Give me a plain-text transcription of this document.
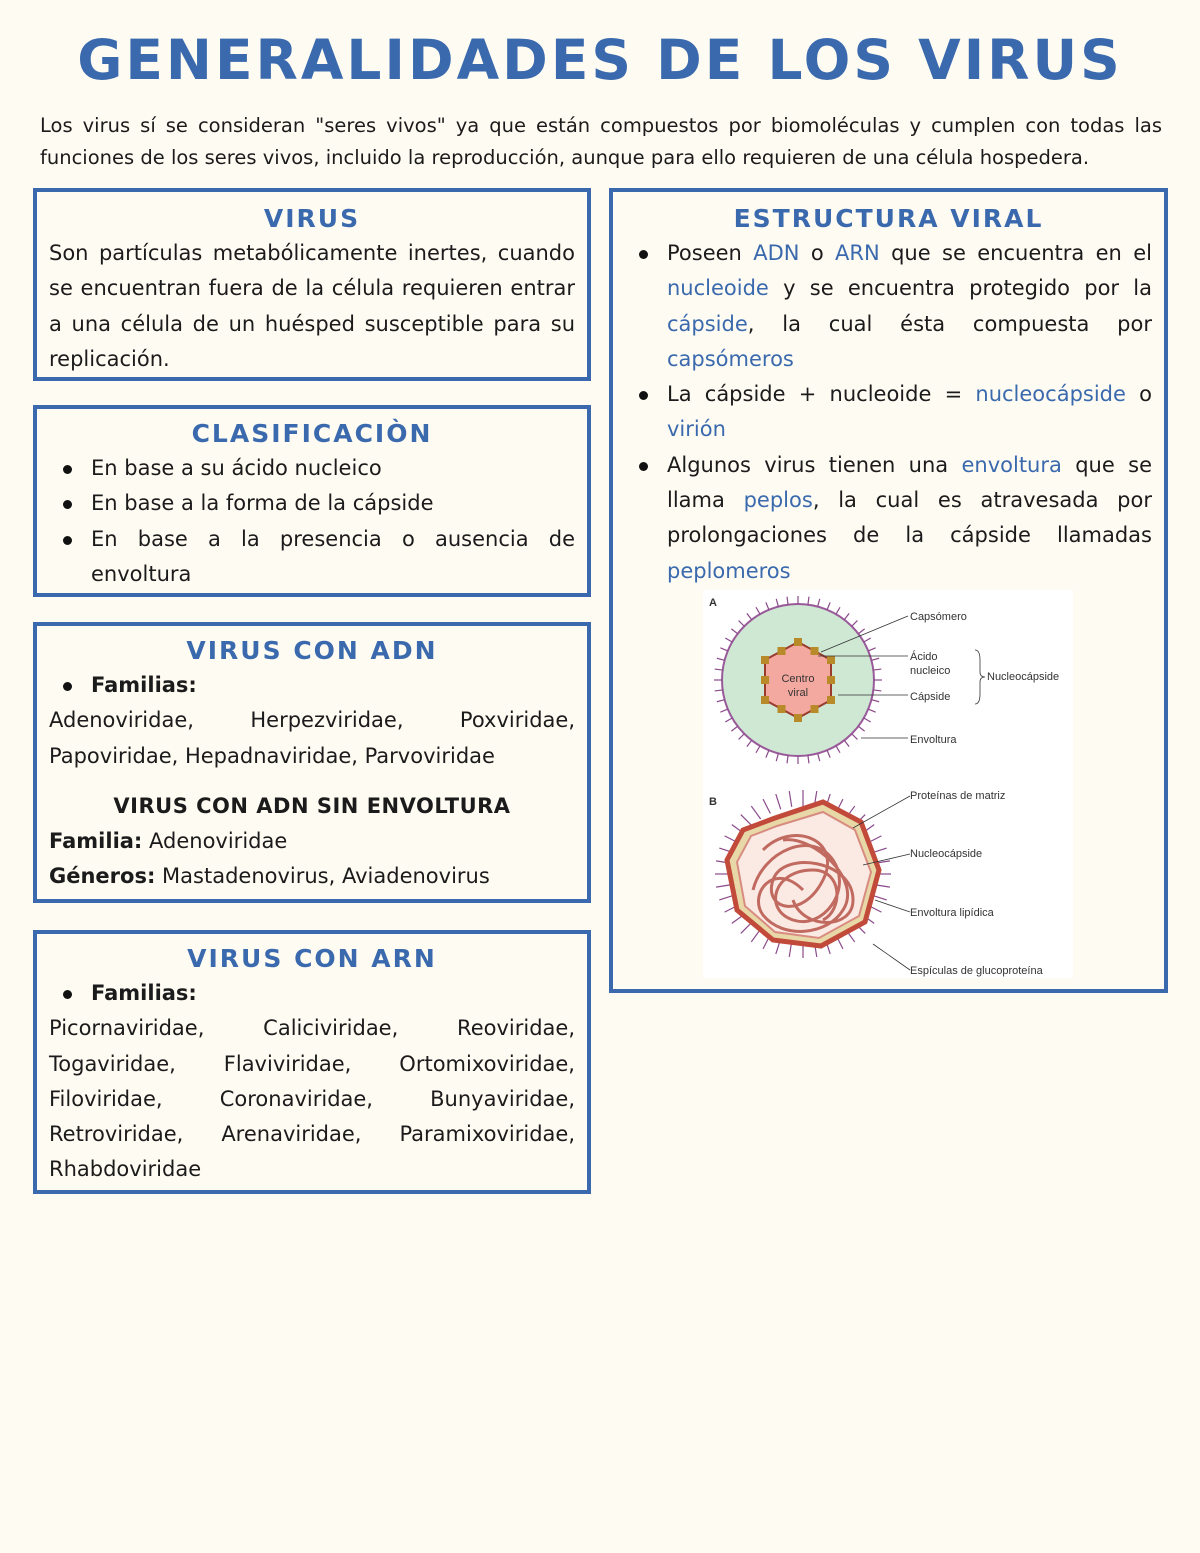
GENERALIDADES DE LOS VIRUS
Los virus sí se consideran "seres vivos" ya que están compuestos por biomoléculas y cumplen con todas las funciones de los seres vivos, incluido la reproducción, aunque para ello requieren de una célula hospedera.
VIRUS
Son partículas metabólicamente inertes, cuando se encuentran fuera de la célula requieren entrar a una célula de un huésped susceptible para su replicación.
CLASIFICACIÒN
En base a su ácido nucleico
En base a la forma de la cápside
En base a la presencia o ausencia de envoltura
VIRUS CON ADN
Familias:
Adenoviridae, Herpezviridae, Poxviridae, Papoviridae, Hepadnaviridae, Parvoviridae
VIRUS CON ADN SIN ENVOLTURA
Familia: Adenoviridae
Géneros: Mastadenovirus, Aviadenovirus
VIRUS CON ARN
Familias:
Picornaviridae, Caliciviridae, Reoviridae, Togaviridae, Flaviviridae, Ortomixoviridae, Filoviridae, Coronaviridae, Bunyaviridae, Retroviridae, Arenaviridae, Paramixoviridae, Rhabdoviridae
ESTRUCTURA VIRAL
Poseen ADN o ARN que se encuentra en el nucleoide y se encuentra protegido por la cápside, la cual ésta compuesta por capsómeros
La cápside + nucleoide = nucleocápside o virión
Algunos virus tienen una envoltura que se llama peplos, la cual es atravesada por prolongaciones de la cápside llamadas peplomeros
A
Centro
viral
Capsómero
Ácido
nucleico
Cápside
Nucleocápside
Envoltura
B	Proteínas de matriz
Nucleocápside
Envoltura lipídica
Espículas de glucoproteína
